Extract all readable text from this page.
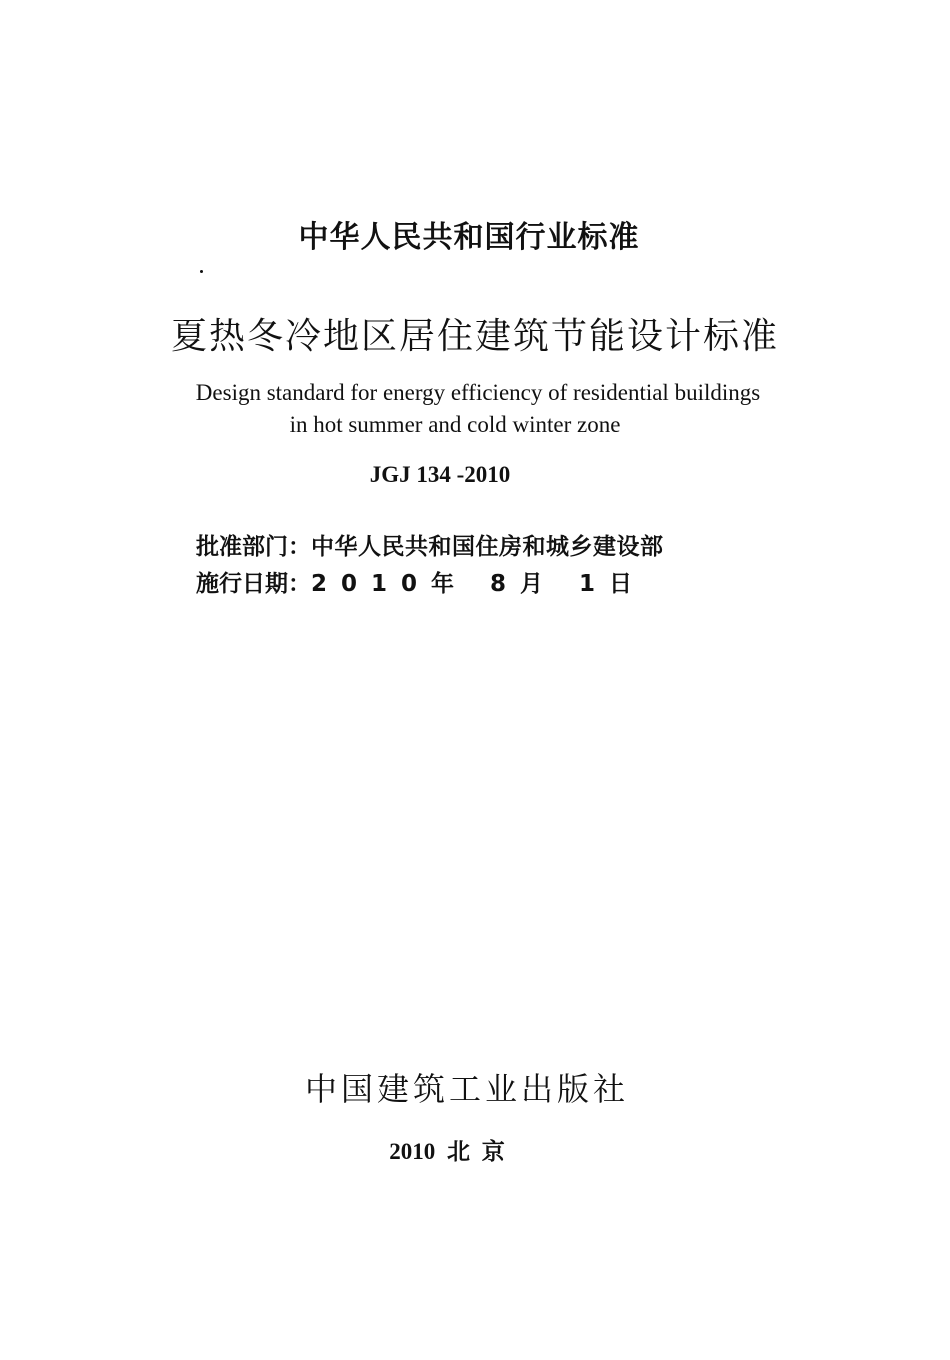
中华人民共和国行业标准
夏热冬冷地区居住建筑节能设计标准
Design standard for energy efficiency of residential buildings
in hot summer and cold winter zone
JGJ 134 -2010
批准部门：中华人民共和国住房和城乡建设部
施行日期：2010年 8月 1日
中国建筑工业出版社
2010 北 京
